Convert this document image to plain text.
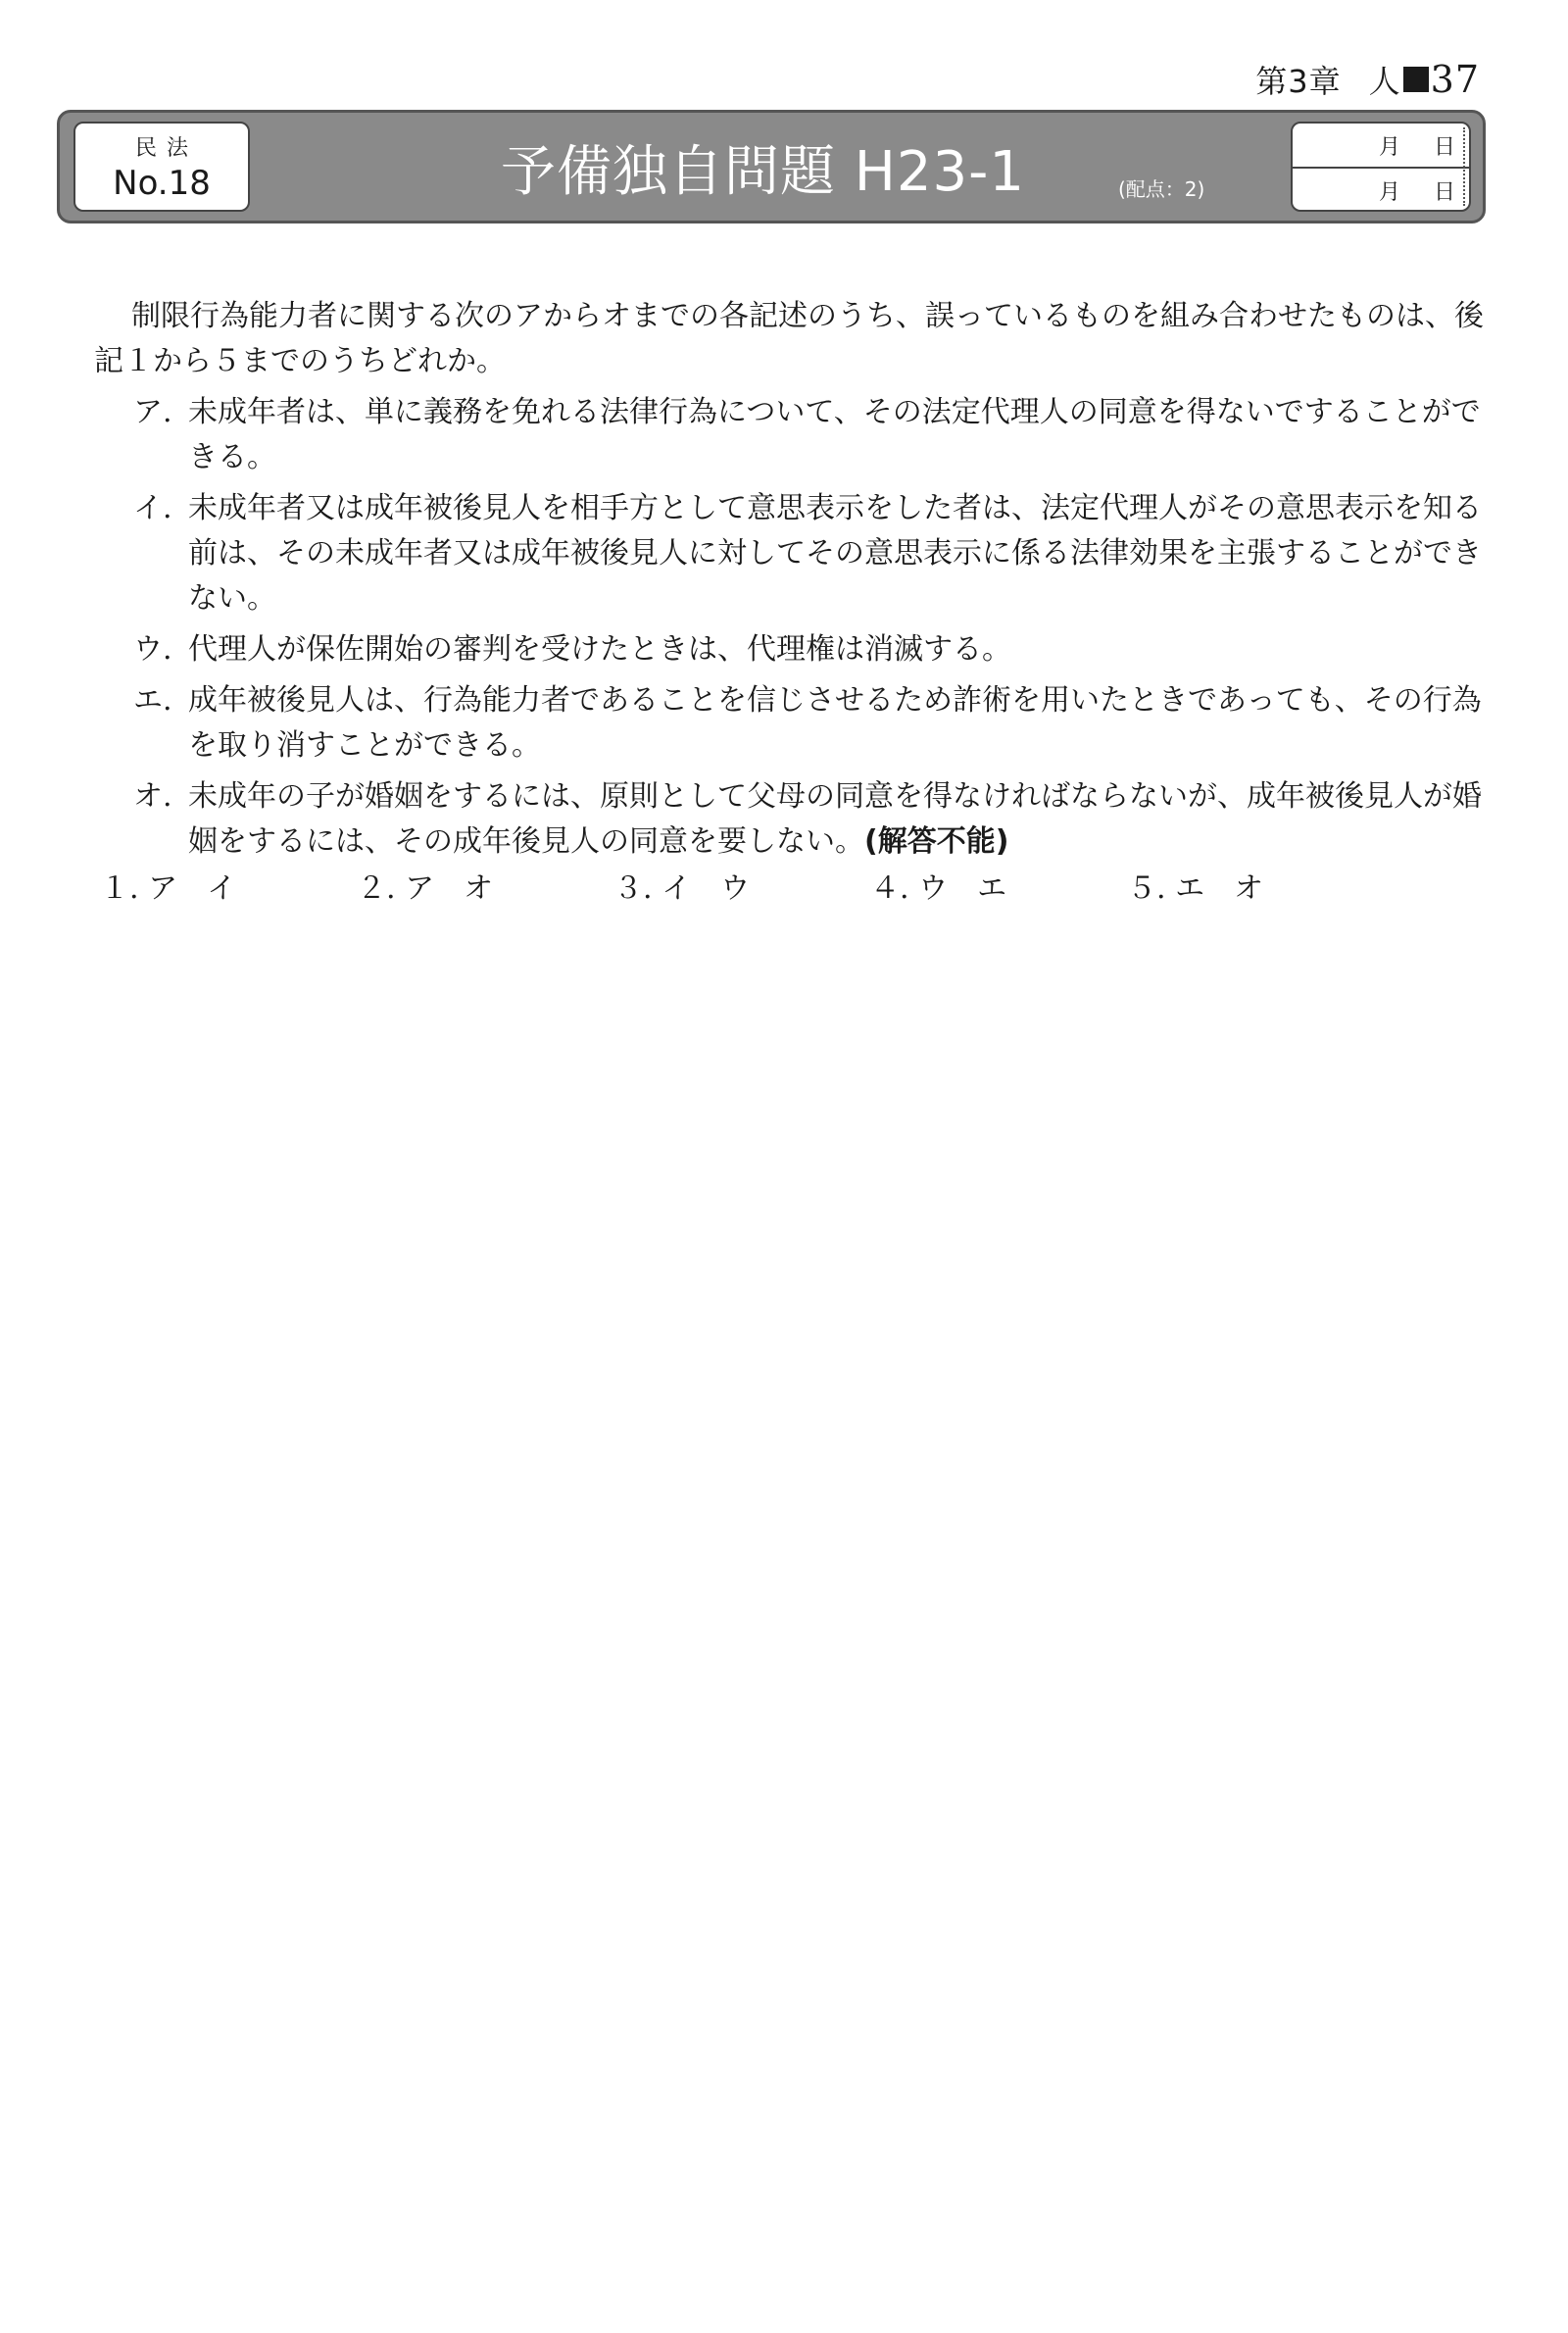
第3章 人 37
民法
No.18	予備独自問題 H23-1	(配点：2)
月 日
月 日

制限行為能力者に関する次のアからオまでの各記述のうち、誤っているものを組み合わせたものは、後記１から５までのうちどれか。

ア. 未成年者は、単に義務を免れる法律行為について、その法定代理人の同意を得ないですることができる。
イ. 未成年者又は成年被後見人を相手方として意思表示をした者は、法定代理人がその意思表示を知る前は、その未成年者又は成年被後見人に対してその意思表示に係る法律効果を主張することができない。
ウ. 代理人が保佐開始の審判を受けたときは、代理権は消滅する。
エ. 成年被後見人は、行為能力者であることを信じさせるため詐術を用いたときであっても、その行為を取り消すことができる。
オ. 未成年の子が婚姻をするには、原則として父母の同意を得なければならないが、成年被後見人が婚姻をするには、その成年後見人の同意を要しない。(解答不能)
１. ア　イ	２. ア　オ	３. イ　ウ	４. ウ　エ	５. エ　オ
